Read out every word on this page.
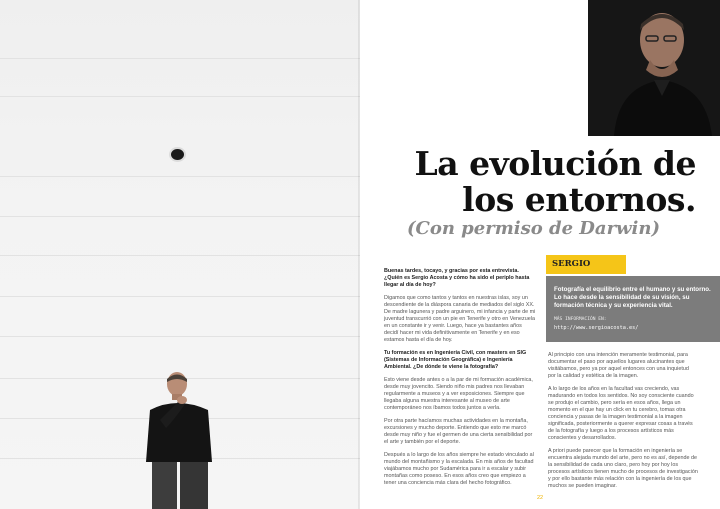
La evolución de los entornos.
(Con permiso de Darwin)

Buenas tardes, tocayo, y gracias por esta entrevista. ¿Quién es Sergio Acosta y cómo ha sido el periplo hasta llegar al día de hoy?

Digamos que como tantos y tantos en nuestras islas, soy un descendiente de la diáspora canaria de mediados del siglo XX. De madre lagunera y padre arguinero, mi infancia y parte de mi juventud transcurrió con un pie en Tenerife y otro en Venezuela en un constante ir y venir. Luego, hace ya bastantes años decidí hacer mi vida definitivamente en Tenerife y en eso estamos hasta el día de hoy.

Tu formación es en Ingeniería Civil, con masters en SIG (Sistemas de Información Geográfica) e Ingeniería Ambiental. ¿De dónde te viene la fotografía?

Esto viene desde antes o a la par de mi formación académica, desde muy jovencito. Siendo niño mis padres nos llevaban regularmente a museos y a ver exposiciones. Siempre que llegaba alguna muestra interesante al museo de arte contemporáneo nos íbamos todos juntos a verla.

Por otra parte hacíamos muchas actividades en la montaña, excursiones y mucho deporte. Entiendo que esto me marcó desde muy niño y fue el germen de una cierta sensibilidad por el arte y también por el deporte.

Después a lo largo de los años siempre he estado vinculado al mundo del montañismo y la escalada. En mis años de facultad viajábamos mucho por Sudamérica para ir a escalar y subir montañas como poseso. En esos años creo que empiezo a tener una conciencia más clara del hecho fotográfico.

SERGIO
Fotografía el equilibrio entre el humano y su entorno. Lo hace desde la sensibilidad de su visión, su formación técnica y su experiencia vital.
MÁS INFORMACIÓN EN:
http://www.sergioacosta.es/

Al principio con una intención meramente testimonial, para documentar el paso por aquellos lugares alucinantes que visitábamos, pero ya por aquel entonces con una inquietud por la calidad y estética de la imagen.

A lo largo de los años en la facultad vas creciendo, vas madurando en todos los sentidos. No soy consciente cuando se produjo el cambio, pero sería en esos años, llega un momento en el que hay un click en tu cerebro, tomas otra conciencia y pasas de la imagen testimonial a la imagen significada, posteriormente a querer expresar cosas a través de la fotografía y luego a los procesos artísticos más conscientes y desarrollados.

A priori puede parecer que la formación en ingeniería se encuentra alejada mundo del arte, pero no es así, depende de la sensibilidad de cada uno claro, pero hoy por hoy los procesos artísticos tienen mucho de procesos de investigación y por ello bastante más relación con la ingeniería de los que muchos se pueden imaginar.

22
